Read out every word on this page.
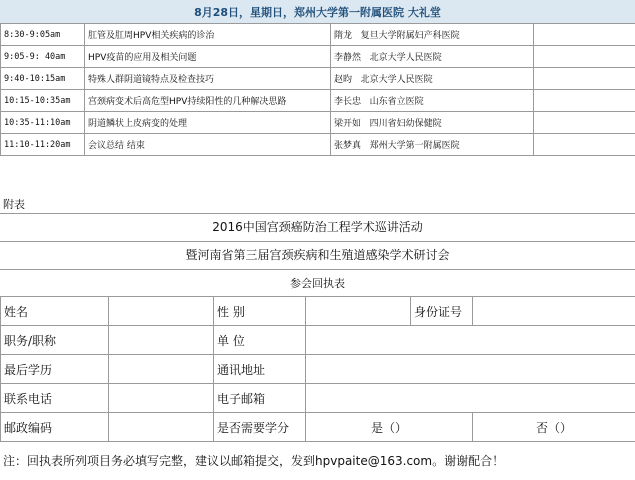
8月28日，星期日，郑州大学第一附属医院 大礼堂
8:30-9:05am	肛管及肛周HPV相关疾病的诊治	隋龙 复旦大学附属妇产科医院	
9:05-9: 40am	HPV疫苗的应用及相关问题	李静然 北京大学人民医院	
9:40-10:15am	特殊人群阴道镜特点及检查技巧	赵昀 北京大学人民医院	
10:15-10:35am	宫颈病变术后高危型HPV持续阳性的几种解决思路	李长忠 山东省立医院	
10:35-11:10am	阴道鳞状上皮病变的处理	梁开如 四川省妇幼保健院	
11:10-11:20am	会议总结 结束	张梦真 郑州大学第一附属医院	
附表
2016中国宫颈癌防治工程学术巡讲活动
暨河南省第三届宫颈疾病和生殖道感染学术研讨会
参会回执表
姓名		性 别		身份证号	
职务/职称		单 位			
最后学历		通讯地址			
联系电话		电子邮箱			
邮政编码		是否需要学分	是（）		否（）
注：回执表所列项目务必填写完整，建议以邮箱提交，发到hpvpaite@163.com。谢谢配合！
